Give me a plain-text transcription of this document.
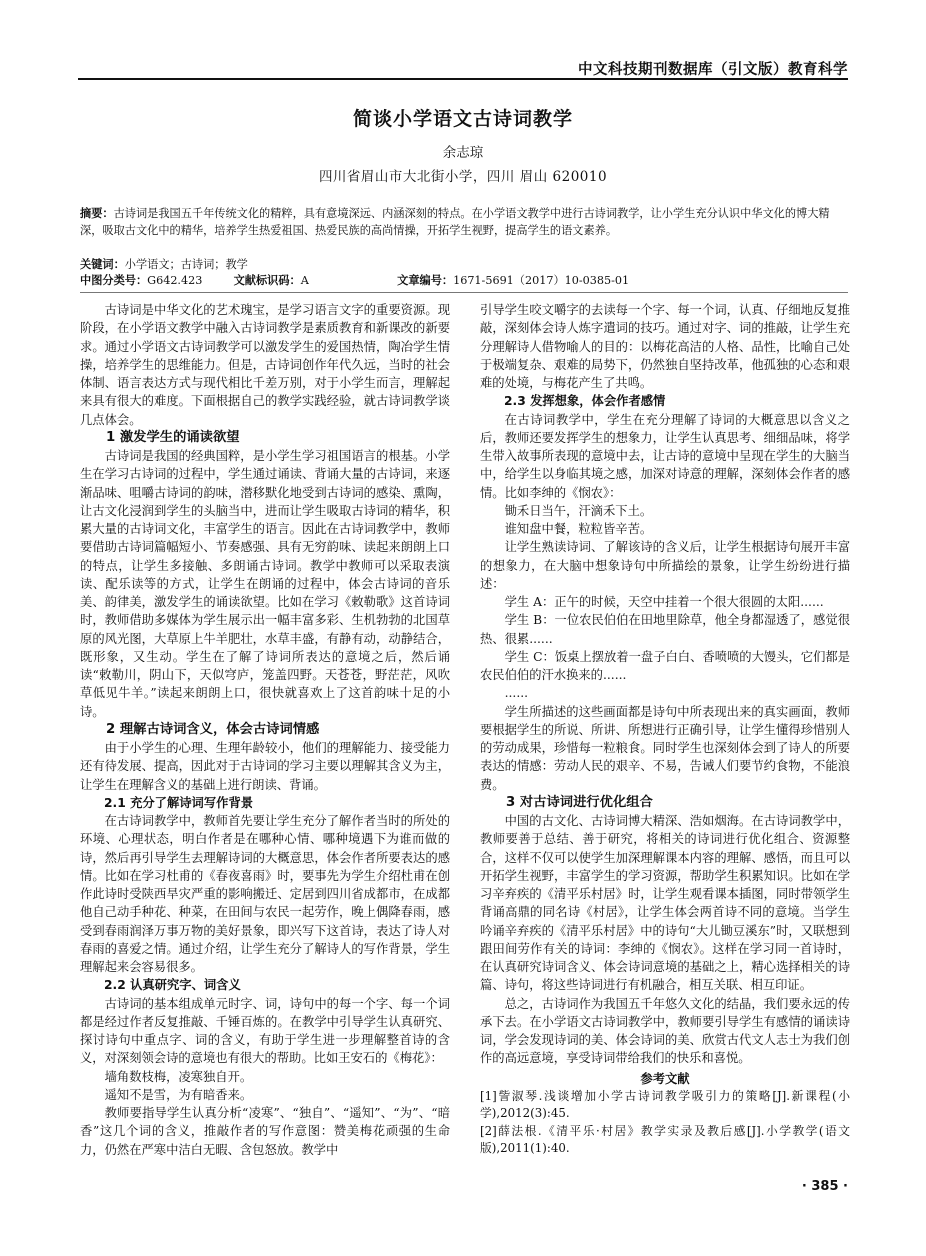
中文科技期刊数据库（引文版）教育科学
简谈小学语文古诗词教学
余志琼
四川省眉山市大北街小学，四川 眉山 620010
摘要：古诗词是我国五千年传统文化的精粹，具有意境深远、内涵深刻的特点。在小学语文教学中进行古诗词教学，让小学生充分认识中华文化的博大精深，吸取古文化中的精华，培养学生热爱祖国、热爱民族的高尚情操，开拓学生视野，提高学生的语文素养。
关键词：小学语文；古诗词；教学
中图分类号：G642.423	文献标识码：A	文章编号：1671-5691（2017）10-0385-01

古诗词是中华文化的艺术瑰宝，是学习语言文字的重要资源。现阶段，在小学语文教学中融入古诗词教学是素质教育和新课改的新要求。通过小学语文古诗词教学可以激发学生的爱国热情，陶冶学生情操，培养学生的思维能力。但是，古诗词创作年代久远，当时的社会体制、语言表达方式与现代相比千差万别，对于小学生而言，理解起来具有很大的难度。下面根据自己的教学实践经验，就古诗词教学谈几点体会。

1 激发学生的诵读欲望

古诗词是我国的经典国粹，是小学生学习祖国语言的根基。小学生在学习古诗词的过程中，学生通过诵读、背诵大量的古诗词，来逐渐品味、咀嚼古诗词的韵味，潜移默化地受到古诗词的感染、熏陶，让古文化浸润到学生的头脑当中，进而让学生吸取古诗词的精华，积累大量的古诗词文化，丰富学生的语言。因此在古诗词教学中，教师要借助古诗词篇幅短小、节奏感强、具有无穷韵味、读起来朗朗上口的特点，让学生多接触、多朗诵古诗词。教学中教师可以采取表演读、配乐读等的方式，让学生在朗诵的过程中，体会古诗词的音乐美、韵律美，激发学生的诵读欲望。比如在学习《敕勒歌》这首诗词时，教师借助多媒体为学生展示出一幅丰富多彩、生机勃勃的北国草原的风光图，大草原上牛羊肥壮，水草丰盛，有静有动，动静结合，既形象，又生动。学生在了解了诗词所表达的意境之后，然后诵读“敕勒川，阴山下，天似穹庐，笼盖四野。天苍苍，野茫茫，风吹草低见牛羊。”读起来朗朗上口，很快就喜欢上了这首韵味十足的小诗。

2 理解古诗词含义，体会古诗词情感

由于小学生的心理、生理年龄较小，他们的理解能力、接受能力还有待发展、提高，因此对于古诗词的学习主要以理解其含义为主，让学生在理解含义的基础上进行朗读、背诵。

2.1 充分了解诗词写作背景

在古诗词教学中，教师首先要让学生充分了解作者当时的所处的环境、心理状态，明白作者是在哪种心情、哪种境遇下为谁而做的诗，然后再引导学生去理解诗词的大概意思，体会作者所要表达的感情。比如在学习杜甫的《春夜喜雨》时，要事先为学生介绍杜甫在创作此诗时受陕西旱灾严重的影响搬迁、定居到四川省成都市，在成都他自己动手种花、种菜，在田间与农民一起劳作，晚上偶降春雨，感受到春雨润泽万事万物的美好景象，即兴写下这首诗，表达了诗人对春雨的喜爱之情。通过介绍，让学生充分了解诗人的写作背景，学生理解起来会容易很多。

2.2 认真研究字、词含义

古诗词的基本组成单元时字、词，诗句中的每一个字、每一个词都是经过作者反复推敲、千锤百炼的。在教学中引导学生认真研究、探讨诗句中重点字、词的含义，有助于学生进一步理解整首诗的含义，对深刻领会诗的意境也有很大的帮助。比如王安石的《梅花》：

墙角数枝梅，凌寒独自开。

遥知不是雪，为有暗香来。

教师要指导学生认真分析“凌寒”、“独自”、“遥知”、“为”、“暗香”这几个词的含义，推敲作者的写作意图：赞美梅花顽强的生命力，仍然在严寒中洁白无暇、含包怒放。教学中

引导学生咬文嚼字的去读每一个字、每一个词，认真、仔细地反复推敲，深刻体会诗人炼字遣词的技巧。通过对字、词的推敲，让学生充分理解诗人借物喻人的目的：以梅花高洁的人格、品性，比喻自己处于极端复杂、艰难的局势下，仍然独自坚持改革，他孤独的心态和艰难的处境，与梅花产生了共鸣。

2.3 发挥想象，体会作者感情

在古诗词教学中，学生在充分理解了诗词的大概意思以含义之后，教师还要发挥学生的想象力，让学生认真思考、细细品味，将学生带入故事所表现的意境中去，让古诗的意境中呈现在学生的大脑当中，给学生以身临其境之感，加深对诗意的理解，深刻体会作者的感情。比如李绅的《悯农》：

锄禾日当午，汗滴禾下土。

谁知盘中餐，粒粒皆辛苦。

让学生熟读诗词、了解该诗的含义后，让学生根据诗句展开丰富的想象力，在大脑中想象诗句中所描绘的景象，让学生纷纷进行描述：

学生 A：正午的时候，天空中挂着一个很大很圆的太阳......

学生 B：一位农民伯伯在田地里除草，他全身都湿透了，感觉很热、很累......

学生 C：饭桌上摆放着一盘子白白、香喷喷的大馒头，它们都是农民伯伯的汗水换来的......

......

学生所描述的这些画面都是诗句中所表现出来的真实画面，教师要根据学生的所说、所讲、所想进行正确引导，让学生懂得珍惜别人的劳动成果，珍惜每一粒粮食。同时学生也深刻体会到了诗人的所要表达的情感：劳动人民的艰辛、不易，告诫人们要节约食物，不能浪费。

3 对古诗词进行优化组合

中国的古文化、古诗词博大精深、浩如烟海。在古诗词教学中，教师要善于总结、善于研究，将相关的诗词进行优化组合、资源整合，这样不仅可以使学生加深理解课本内容的理解、感悟，而且可以开拓学生视野，丰富学生的学习资源，帮助学生积累知识。比如在学习辛弃疾的《清平乐村居》时，让学生观看课本插图，同时带领学生背诵高鼎的同名诗《村居》，让学生体会两首诗不同的意境。当学生吟诵辛弃疾的《清平乐村居》中的诗句“大儿锄豆溪东”时，又联想到跟田间劳作有关的诗词：李绅的《悯农》。这样在学习同一首诗时，在认真研究诗词含义、体会诗词意境的基础之上，精心选择相关的诗篇、诗句，将这些诗词进行有机融合，相互关联、相互印证。

总之，古诗词作为我国五千年悠久文化的结晶，我们要永远的传承下去。在小学语文古诗词教学中，教师要引导学生有感情的诵读诗词，学会发现诗词的美、体会诗词的美、欣赏古代文人志士为我们创作的高远意境，享受诗词带给我们的快乐和喜悦。

参考文献

[1]訾淑琴.浅谈增加小学古诗词教学吸引力的策略[J].新课程(小学),2012(3):45.

[2]薛法根.《清平乐·村居》教学实录及教后感[J].小学教学(语文版),2011(1):40.

· 385 ·
